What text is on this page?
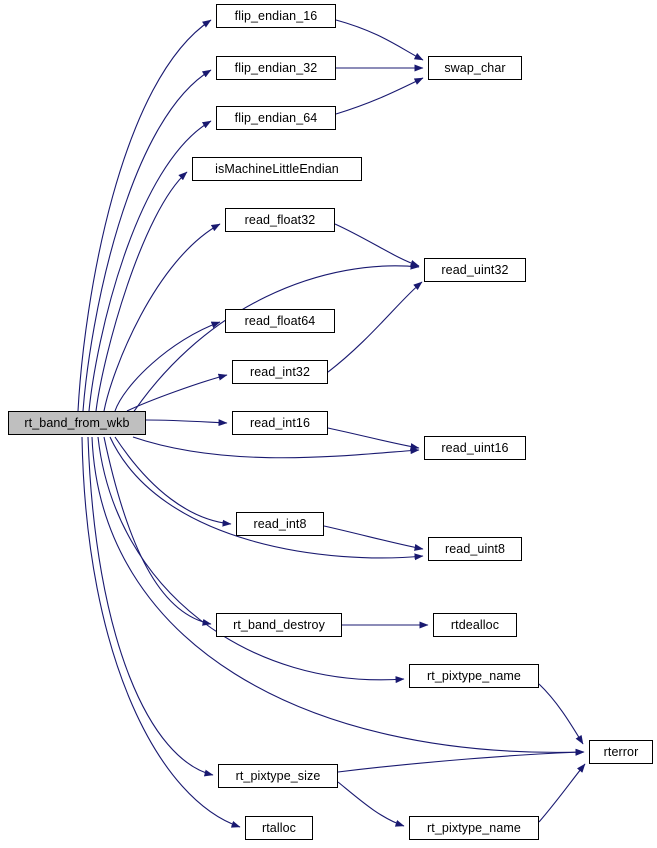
rt_band_from_wkb
flip_endian_16
flip_endian_32
flip_endian_64
isMachineLittleEndian
read_float32
read_float64
read_int32
read_int16
read_int8
rt_band_destroy
rt_pixtype_size
rtalloc
swap_char
read_uint32
read_uint16
read_uint8
rtdealloc
rt_pixtype_name
rt_pixtype_name
rterror
